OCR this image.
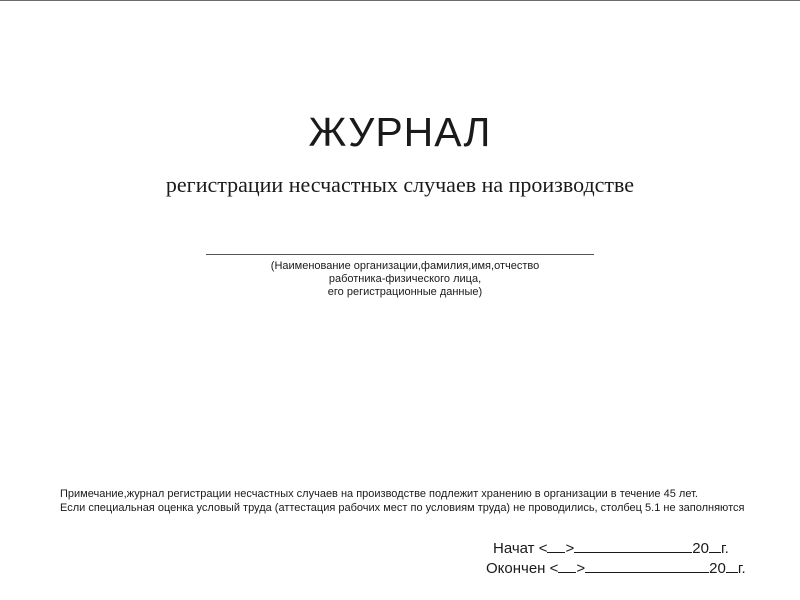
ЖУРНАЛ
регистрации несчастных случаев на производстве
(Наименование организации,фамилия,имя,отчество
работника-физического лица,
его регистрационные данные)
Примечание,журнал регистрации несчастных случаев на производстве подлежит хранению в организации в течение 45 лет.
Если специальная оценка условый труда (аттестация рабочих мест по условиям труда) не проводились, столбец 5.1 не заполняются
Начат < >	20 г.
Окончен < >	20 г.
